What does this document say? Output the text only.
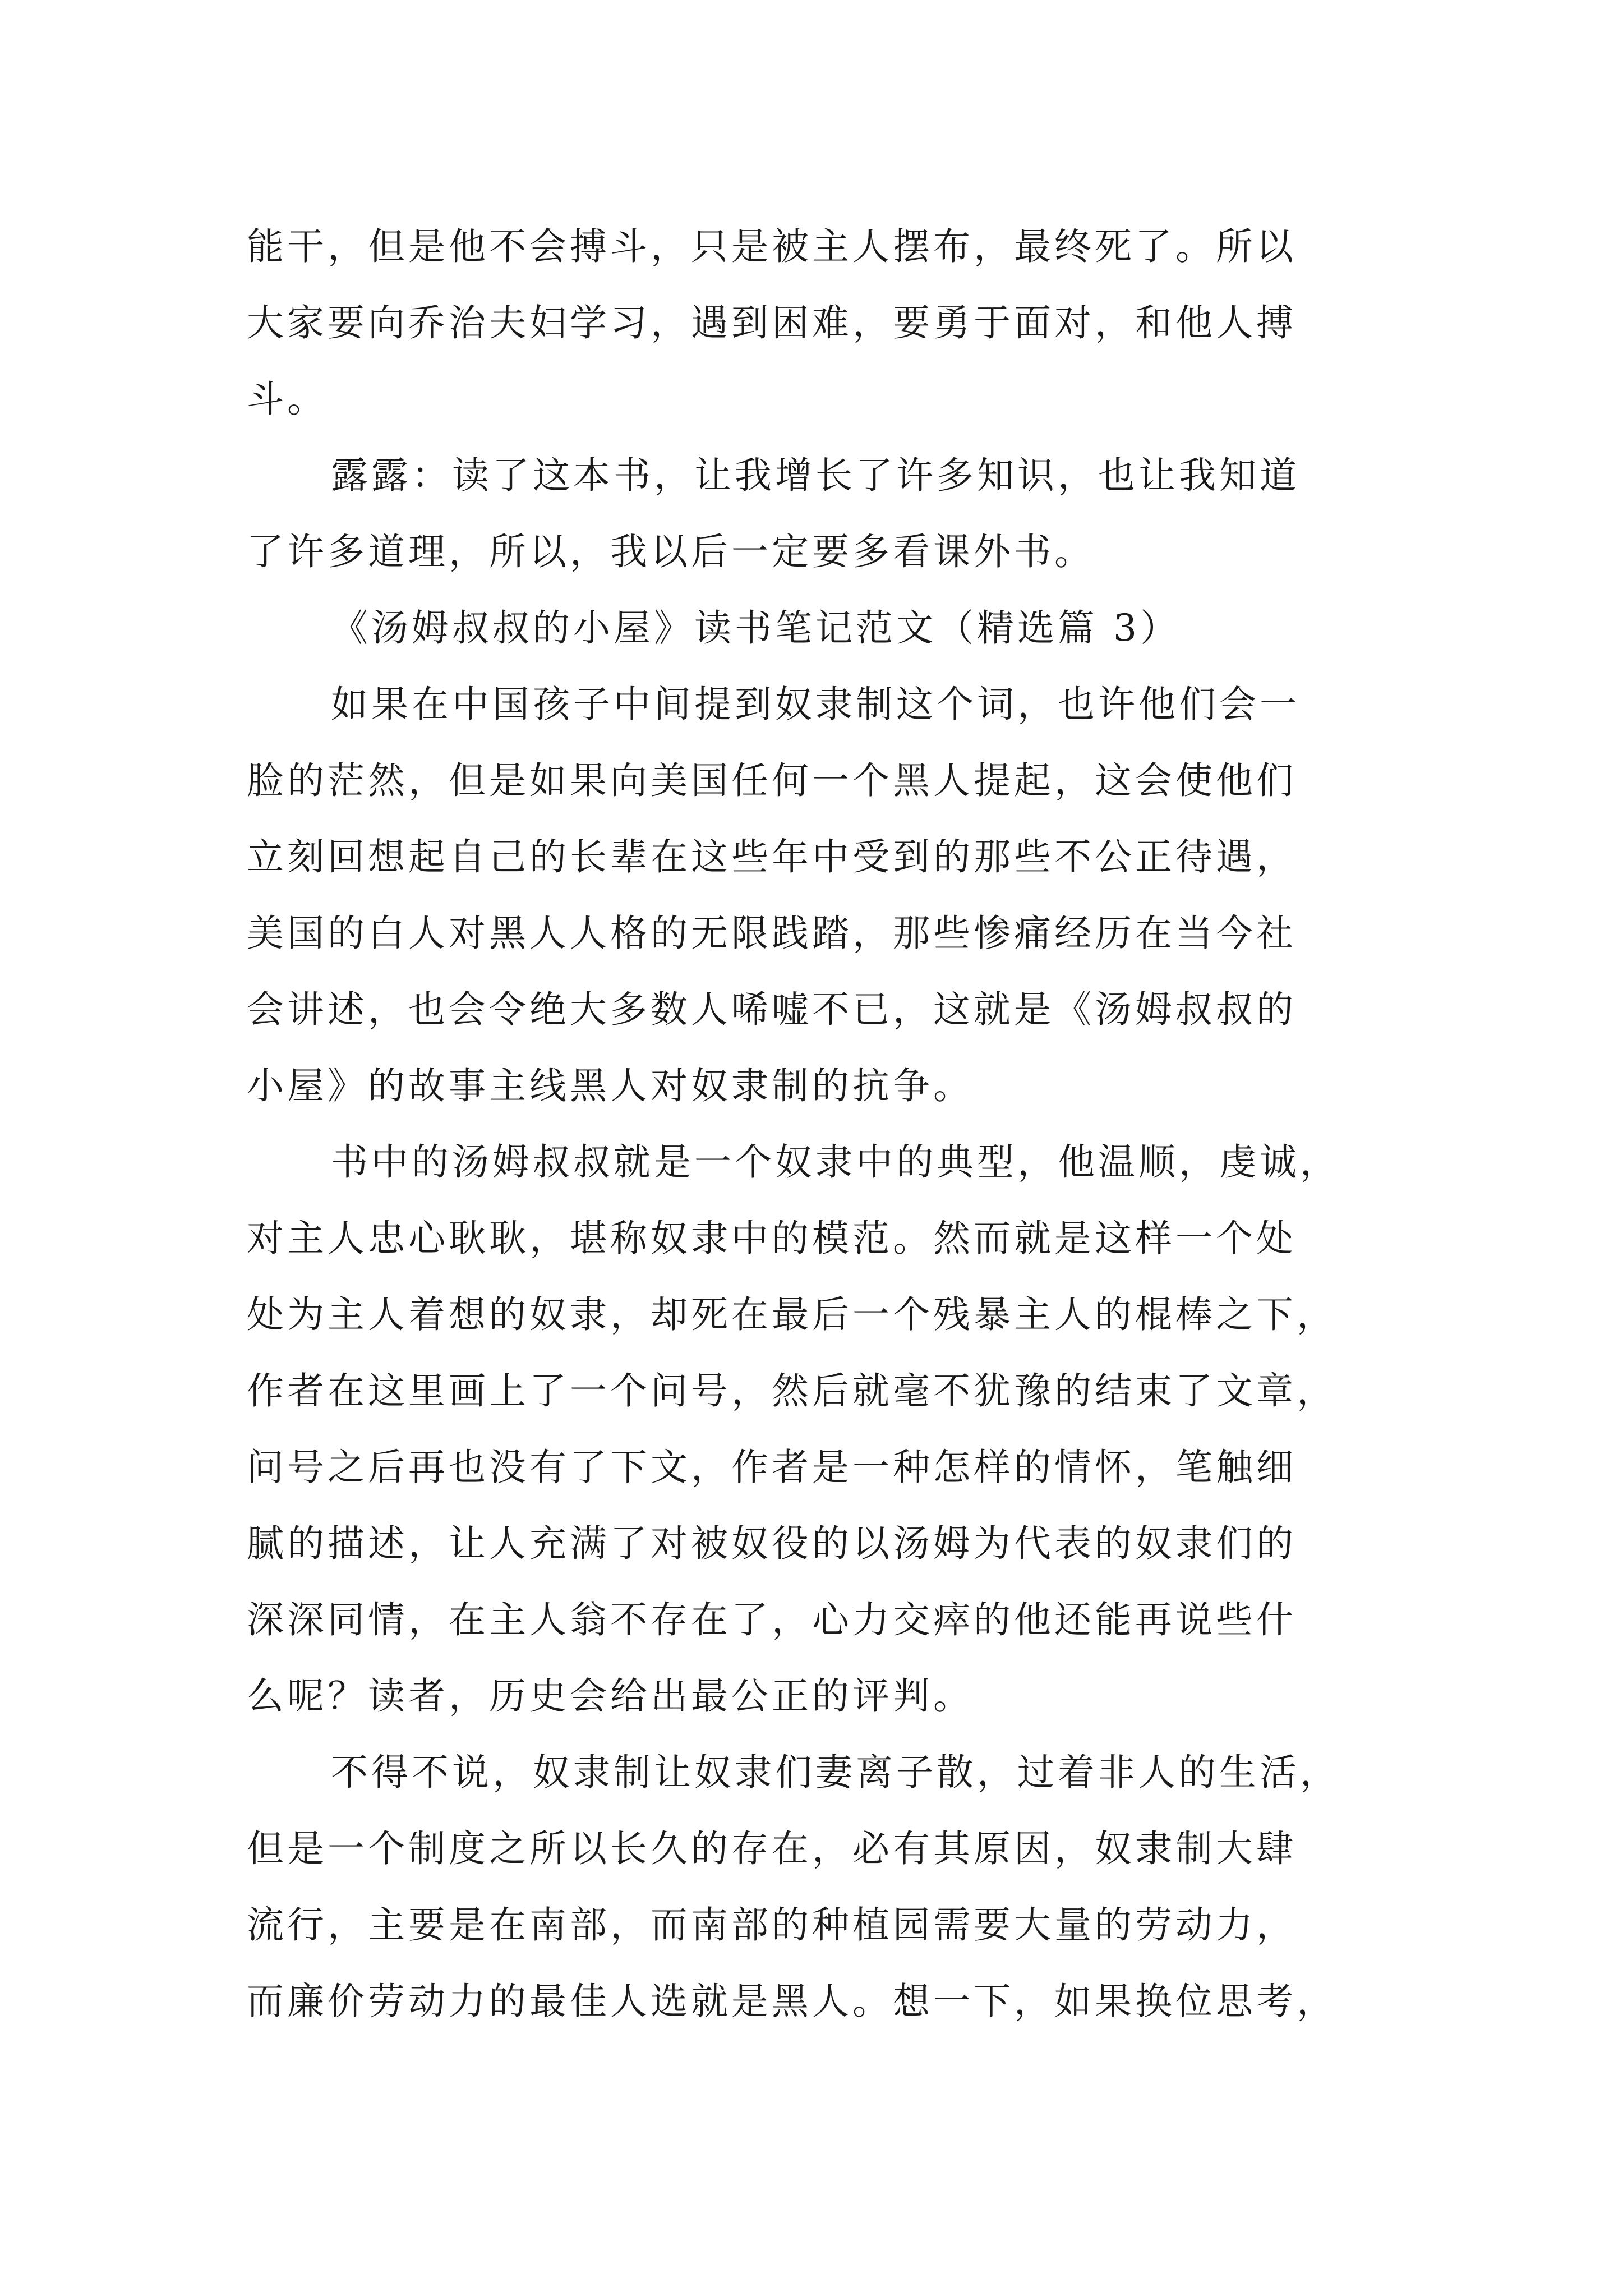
能干，但是他不会搏斗，只是被主人摆布，最终死了。所以
大家要向乔治夫妇学习，遇到困难，要勇于面对，和他人搏
斗。
露露：读了这本书，让我增长了许多知识，也让我知道
了许多道理，所以，我以后一定要多看课外书。
《汤姆叔叔的小屋》读书笔记范文（精选篇 3）
如果在中国孩子中间提到奴隶制这个词，也许他们会一
脸的茫然，但是如果向美国任何一个黑人提起，这会使他们
立刻回想起自己的长辈在这些年中受到的那些不公正待遇，
美国的白人对黑人人格的无限践踏，那些惨痛经历在当今社
会讲述，也会令绝大多数人唏嘘不已，这就是《汤姆叔叔的
小屋》的故事主线黑人对奴隶制的抗争。
书中的汤姆叔叔就是一个奴隶中的典型，他温顺，虔诚，
对主人忠心耿耿，堪称奴隶中的模范。然而就是这样一个处
处为主人着想的奴隶，却死在最后一个残暴主人的棍棒之下，
作者在这里画上了一个问号，然后就毫不犹豫的结束了文章，
问号之后再也没有了下文，作者是一种怎样的情怀，笔触细
腻的描述，让人充满了对被奴役的以汤姆为代表的奴隶们的
深深同情，在主人翁不存在了，心力交瘁的他还能再说些什
么呢？读者，历史会给出最公正的评判。
不得不说，奴隶制让奴隶们妻离子散，过着非人的生活，
但是一个制度之所以长久的存在，必有其原因，奴隶制大肆
流行，主要是在南部，而南部的种植园需要大量的劳动力，
而廉价劳动力的最佳人选就是黑人。想一下，如果换位思考，
